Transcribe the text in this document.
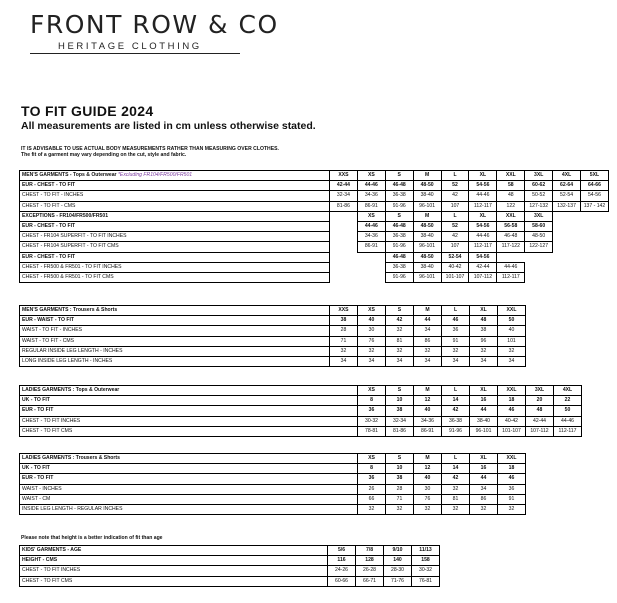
FRONT ROW & CO
HERITAGE CLOTHING
TO FIT GUIDE 2024
All measurements are listed in cm unless otherwise stated.
IT IS ADVISABLE TO USE ACTUAL BODY MEASUREMENTS RATHER THAN MEASURING OVER CLOTHES.
The fit of a garment may vary depending on the cut, style and fabric.
MEN'S GARMENTS - Tops & Outerwear *Excluding FR104/FR500/FR501	XXS	XS	S	M	L	XL	XXL	3XL	4XL	5XL
EUR - CHEST - TO FIT	42-44	44-46	46-48	48-50	52	54-56	58	60-62	62-64	64-66
CHEST - TO FIT - INCHES	32-34	34-36	36-38	38-40	42	44-46	48	50-52	52-54	54-56
CHEST - TO FIT - CMS	81-86	86-91	91-96	96-101	107	112-117	122	127-132	132-137	137 - 142
EXCEPTIONS - FR104/FR500/FR501		XS	S	M	L	XL	XXL	3XL		
EUR - CHEST - TO FIT		44-46	46-48	48-50	52	54-56	56-58	58-60		
CHEST - FR104 SUPERFIT - TO FIT INCHES		34-36	36-38	38-40	42	44-46	46-48	48-50		
CHEST - FR104 SUPERFIT - TO FIT CMS		86-91	91-96	96-101	107	112-117	117-122	122-127		
EUR - CHEST - TO FIT			46-48	48-50	52-54	54-56				
CHEST - FR500 & FR501 - TO FIT INCHES			36-38	38-40	40-42	42-44	44-46			
CHEST - FR500 & FR501 - TO FIT CMS			91-96	96-101	101-107	107-112	112-117			
MEN'S GARMENTS : Trousers & Shorts	XXS	XS	S	M	L	XL	XXL
EUR - WAIST - TO FIT	38	40	42	44	46	48	50
WAIST - TO FIT - INCHES	28	30	32	34	36	38	40
WAIST - TO FIT - CMS	71	76	81	86	91	96	101
REGULAR INSIDE LEG LENGTH - INCHES	32	32	32	32	32	32	32
LONG INSIDE LEG LENGTH - INCHES	34	34	34	34	34	34	34
LADIES GARMENTS : Tops & Outerwear	XS	S	M	L	XL	XXL	3XL	4XL
UK - TO FIT	8	10	12	14	16	18	20	22
EUR - TO FIT	36	38	40	42	44	46	48	50
CHEST - TO FIT INCHES	30-32	32-34	34-36	36-38	38-40	40-42	42-44	44-46
CHEST - TO FIT CMS	78-81	81-86	86-91	91-96	96-101	101-107	107-112	112-117
LADIES GARMENTS : Trousers & Shorts	XS	S	M	L	XL	XXL
UK - TO FIT	8	10	12	14	16	18
EUR - TO FIT	36	38	40	42	44	46
WAIST - INCHES	26	28	30	32	34	36
WAIST - CM	66	71	76	81	86	91
INSIDE LEG LENGTH - REGULAR INCHES	32	32	32	32	32	32
Please note that height is a better indication of fit than age
KIDS' GARMENTS - AGE	5/6	7/8	9/10	11/13
HEIGHT - CMS	116	128	140	158
CHEST - TO FIT INCHES	24-26	26-28	28-30	30-32
CHEST - TO FIT CMS	60-66	66-71	71-76	76-81
